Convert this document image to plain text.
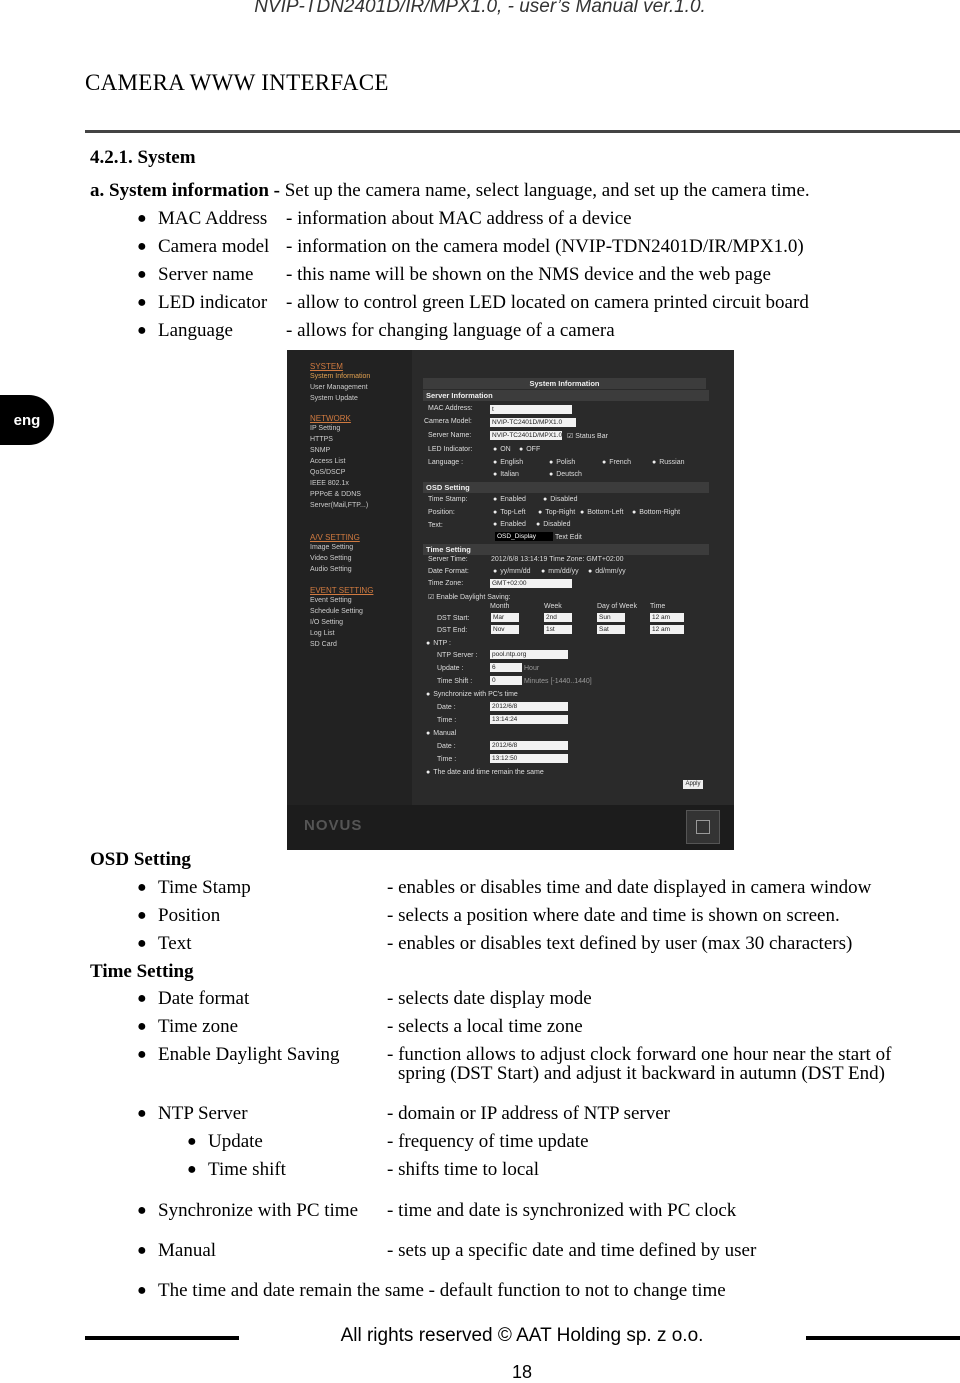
NVIP-TDN2401D/IR/MPX1.0, - user’s Manual ver.1.0.
CAMERA WWW INTERFACE
eng
4.2.1. System
a. System information - Set up the camera name, select language, and set up the camera time.
● MAC Address - information about MAC address of a device
● Camera model - information on the camera model (NVIP-TDN2401D/IR/MPX1.0)
● Server name - this name will be shown on the NMS device and the web page
● LED indicator - allow to control green LED located on camera printed circuit board
● Language	- allows for changing language of a camera
SYSTEM
System Information
User Management
System Update
NETWORK
IP Setting
HTTPS
SNMP
Access List
QoS/DSCP
IEEE 802.1x
PPPoE & DDNS
Server(Mail,FTP...)
A/V SETTING
Image Setting
Video Setting
Audio Setting
EVENT SETTING
Event Setting
Schedule Setting
I/O Setting
Log List
SD Card
System Information
Server Information
MAC Address:	t
Camera Model:	NVIP-TC2401D/MPX1.0
Server Name:	NVIP-TC2401D/MPX1.0 ☑ Status Bar
LED Indicator:	● ON	● OFF
Language :	● English	● Polish	● French	● Russian
● Italian	● Deutsch
OSD Setting
Time Stamp:	● Enabled	● Disabled
Position:	● Top-Left	● Top-Right	● Bottom-Left	● Bottom-Right
Text:	● Enabled	● Disabled
OSD_Display	Text Edit
Time Setting
Server Time:	2012/6/8 13:14:19 Time Zone: GMT+02:00
Date Format:	● yy/mm/dd	● mm/dd/yy	● dd/mm/yy
Time Zone:	GMT+02:00
☑ Enable Daylight Saving:
Month	Week	Day of Week Time
DST Start:	Mar	2nd	Sun	12 am
DST End:	Nov	1st	Sat	12 am
● NTP :
NTP Server :	pool.ntp.org
Update :	6	Hour
Time Shift :	0	Minutes [-1440..1440]
● Synchronize with PC's time
Date :	2012/6/8
Time :	13:14:24
● Manual
Date :	2012/6/8
Time :	13:12:50
● The date and time remain the same
Apply
NOVUS
OSD Setting
● Time Stamp	- enables or disables time and date displayed in camera window
● Position	- selects a position where date and time is shown on screen.
● Text	- enables or disables text defined by user (max 30 characters)
Time Setting
● Date format	- selects date display mode
● Time zone	- selects a local time zone
● Enable Daylight Saving - function allows to adjust clock forward one hour near the start of
spring (DST Start) and adjust it backward in autumn (DST End)
● NTP Server	- domain or IP address of NTP server
● Update	- frequency of time update
● Time shift	- shifts time to local
● Synchronize with PC time - time and date is synchronized with PC clock
● Manual	- sets up a specific date and time defined by user
● The time and date remain the same - default function to not to change time
All rights reserved © AAT Holding sp. z o.o.
18
